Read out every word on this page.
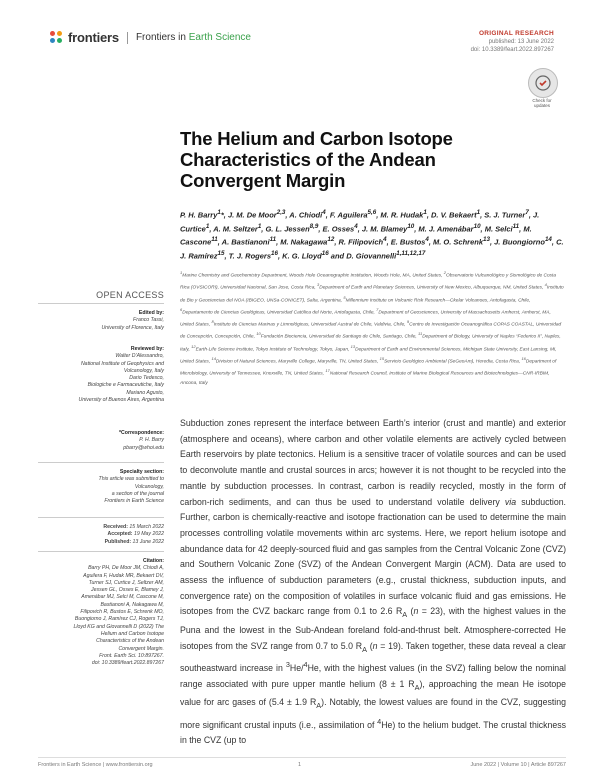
frontiers Frontiers in Earth Science	ORIGINAL RESEARCH
published: 13 June 2022
doi: 10.3389/feart.2022.897267
Check for updates
The Helium and Carbon Isotope Characteristics of the Andean Convergent Margin
P. H. Barry$^1$*, J. M. De Moor$^{2,3}$, A. Chiodi$^4$, F. Aguilera$^{5,6}$, M. R. Hudak$^1$, D. V. Bekaert$^1$, S. J. Turner$^7$, J. Curtice$^1$, A. M. Seltzer$^1$, G. L. Jessen$^{8,9}$, E. Osses$^4$, J. M. Blamey$^{10}$, M. J. Amenábar$^{10}$, M. Selci$^{11}$, M. Cascone$^{11}$, A. Bastianoni$^{11}$, M. Nakagawa$^{12}$, R. Filipovich$^4$, E. Bustos$^4$, M. O. Schrenk$^{13}$, J. Buongiorno$^{14}$, C. J. Ramírez$^{15}$, T. J. Rogers$^{16}$, K. G. Lloyd$^{16}$ and D. Giovannelli$^{1,11,12,17}$
$^1$Marine Chemistry and Geochemistry Department, Woods Hole Oceanographic Institution, Woods Hole, MA, United States, $^2$Observatorio Vulcanológico y Sismológico de Costa Rica (OVSICORI), Universidad Nacional, San Jose, Costa Rica, $^3$Department of Earth and Planetary Sciences, University of New Mexico, Albuquerque, NM, United States, $^4$Instituto de Bio y Geociencias del NOA (IBIGEO, UNSa-CONICET), Salta, Argentina, $^5$Millennium Institute on Volcanic Risk Research—Ckelar Volcanoes, Antofagasta, Chile, $^6$Departamento de Ciencias Geológicas, Universidad Católica del Norte, Antofagasta, Chile, $^7$Department of Geosciences, University of Massachusetts Amherst, Amherst, MA, United States, $^8$Instituto de Ciencias Marinas y Limnológicas, Universidad Austral de Chile, Valdivia, Chile, $^9$Centro de Investigación Oceanográfica COPAS COASTAL, Universidad de Concepción, Concepción, Chile, $^{10}$Fundación Biociencia, Universidad de Santiago de Chile, Santiago, Chile, $^{11}$Department of Biology, University of Naples “Federico II”, Naples, Italy, $^{12}$Earth-Life Science Institute, Tokyo Institute of Technology, Tokyo, Japan, $^{13}$Department of Earth and Environmental Sciences, Michigan State University, East Lansing, MI, United States, $^{14}$Division of Natural Sciences, Maryville College, Maryville, TN, United States, $^{15}$Servicio Geológico Ambiental (SeGeoAm), Heredia, Costa Rica, $^{16}$Department of Microbiology, University of Tennessee, Knoxville, TN, United States, $^{17}$National Research Council, Institute of Marine Biological Resources and Biotechnologies—CNR-IRBIM, Ancona, Italy
OPEN ACCESS
Edited by:
Franco Tassi,
University of Florence, Italy
Reviewed by:
Walter D’Alessandro,
National Institute of Geophysics and
Volcanology, Italy
Dario Tedesco,
Biologiche e Farmaceutiche, Italy
Mariano Agusto,
University of Buenos Aires, Argentina
*Correspondence:
P. H. Barry
pbarry@whoi.edu
Specialty section:
This article was submitted to
Volcanology,
a section of the journal
Frontiers in Earth Science
Received: 15 March 2022
Accepted: 19 May 2022
Published: 13 June 2022
Citation:
Barry PH, De Moor JM, Chiodi A,
Aguilera F, Hudak MR, Bekaert DV,
Turner SJ, Curtice J, Seltzer AM,
Jessen GL, Osses E, Blamey J,
Amenábar MJ, Selci M, Cascone M,
Bastianoni A, Nakagawa M,
Filipovich R, Bustos E, Schrenk MO,
Buongiorno J, Ramírez CJ, Rogers TJ,
Lloyd KG and Giovannelli D (2022) The
Helium and Carbon Isotope
Characteristics of the Andean
Convergent Margin.
Front. Earth Sci. 10:897267.
doi: 10.3389/feart.2022.897267

Subduction zones represent the interface between Earth’s interior (crust and mantle) and exterior (atmosphere and oceans), where carbon and other volatile elements are actively cycled between Earth reservoirs by plate tectonics. Helium is a sensitive tracer of volatile sources and can be used to deconvolute mantle and crustal sources in arcs; however it is not thought to be recycled into the mantle by subduction processes. In contrast, carbon is readily recycled, mostly in the form of carbon-rich sediments, and can thus be used to understand volatile delivery via subduction. Further, carbon is chemically-reactive and isotope fractionation can be used to determine the main processes controlling volatile movements within arc systems. Here, we report helium isotope and abundance data for 42 deeply-sourced fluid and gas samples from the Central Volcanic Zone (CVZ) and Southern Volcanic Zone (SVZ) of the Andean Convergent Margin (ACM). Data are used to assess the influence of subduction parameters (e.g., crustal thickness, subduction inputs, and convergence rate) on the composition of volatiles in surface volcanic fluid and gas emissions. He isotopes from the CVZ backarc range from 0.1 to 2.6 $R_A$ (n = 23), with the highest values in the Puna and the lowest in the Sub-Andean foreland fold-and-thrust belt. Atmosphere-corrected He isotopes from the SVZ range from 0.7 to 5.0 $R_A$ (n = 19). Taken together, these data reveal a clear southeastward increase in $^3$He/$^4$He, with the highest values (in the SVZ) falling below the nominal range associated with pure upper mantle helium (8 ± 1 $R_A$), approaching the mean He isotope value for arc gases of (5.4 ± 1.9 $R_A$). Notably, the lowest values are found in the CVZ, suggesting more significant crustal inputs (i.e., assimilation of $^4$He) to the helium budget. The crustal thickness in the CVZ (up to

Frontiers in Earth Science | www.frontiersin.org	1	June 2022 | Volume 10 | Article 897267
